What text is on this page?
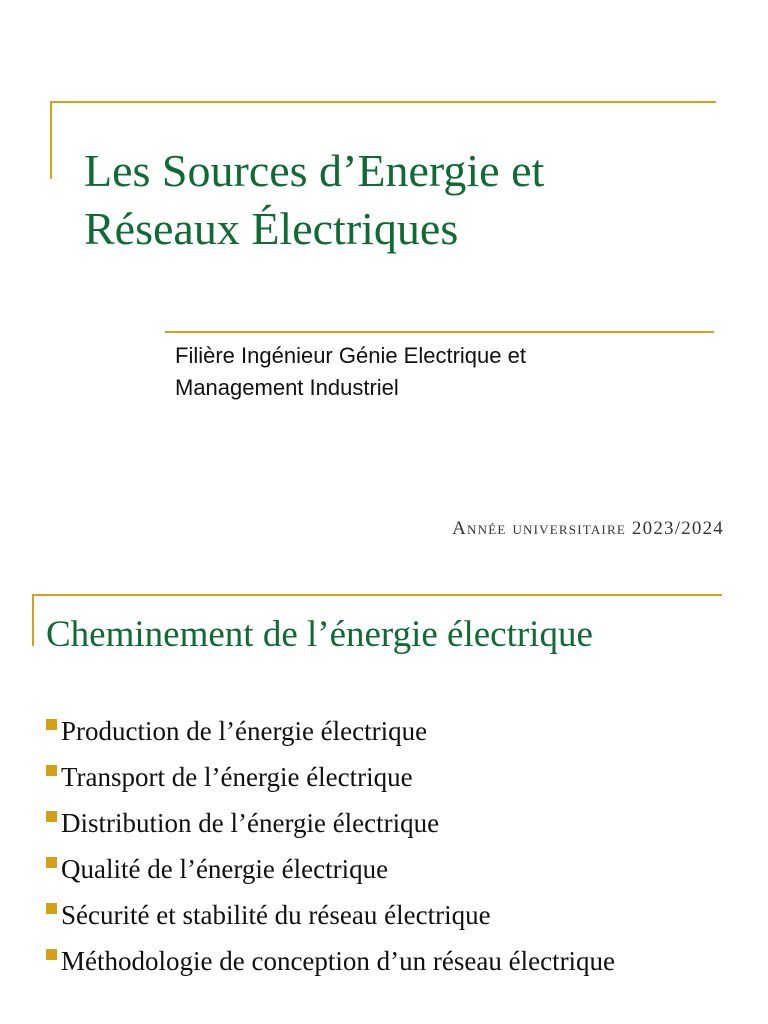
Les Sources d’Energie et
Réseaux Électriques

Filière Ingénieur Génie Electrique et
Management Industriel

Année universitaire 2023/2024

Cheminement de l’énergie électrique
Production de l’énergie électrique
Transport de l’énergie électrique
Distribution de l’énergie électrique
Qualité de l’énergie électrique
Sécurité et stabilité du réseau électrique
Méthodologie de conception d’un réseau électrique
